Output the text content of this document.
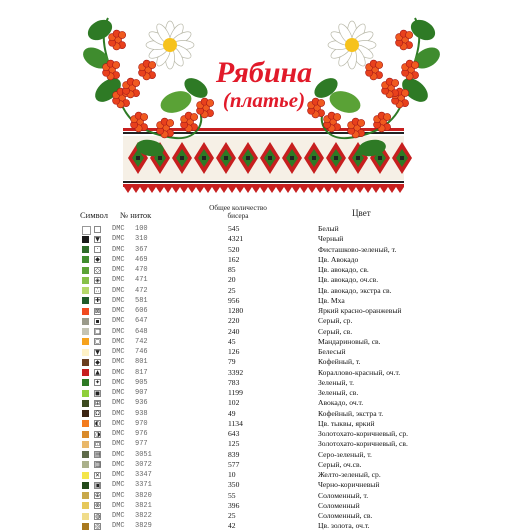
Рябина
(платье)
Символ № ниток
Общее количество бисера	Цвет
DMC 100	545	Белый
▼ DMC 310	4321	Черный
·	DMC 367	520	Фисташково-зеленый, т.
◆ DMC 469	162	Цв. Авокадо
◇ DMC 470	85	Цв. авокадо, св.
◈ DMC 471	20	Цв. авокадо, оч.св.
∴ DMC 472	25	Цв. авокадо, экстра св.
✚ DMC 581	956	Цв. Мха
⊠ DMC 606	1280	Яркий красно-оранжевый
▪ DMC 647	220	Серый, ср.
□ DMC 648	240	Серый, св.
◻ DMC 742	45	Мандариновый, св.
▼ DMC 746	126	Белесый
◆ DMC 801	79	Кофейный, т.
▲ DMC 817	3392	Кораллово-красный, оч.т.
✦ DMC 905	783	Зеленый, т.
◼ DMC 907	1199	Зеленый, св.
⊞ DMC 936	102	Авокадо, оч.т.
Ω DMC 938	49	Кофейный, экстра т.
◐ DMC 970	1134	Цв. тыквы, яркий
◑ DMC 976	643	Золотохато-коричневый, ср.
⊡ DMC 977	125	Золотохато-коричневый, св.
▤ DMC 3051	839	Серо-зеленый, т.
▥ DMC 3072	577	Серый, оч.св.
✕ DMC 3347	10	Желто-зеленый, ср.
▣ DMC 3371	350	Черно-коричневый
⊕ DMC 3820	55	Соломенный, т.
⊗ DMC 3821	396	Соломенный
◍ DMC 3822	25	Соломенный, св.
◎ DMC 3829	42	Цв. золота, оч.т.
